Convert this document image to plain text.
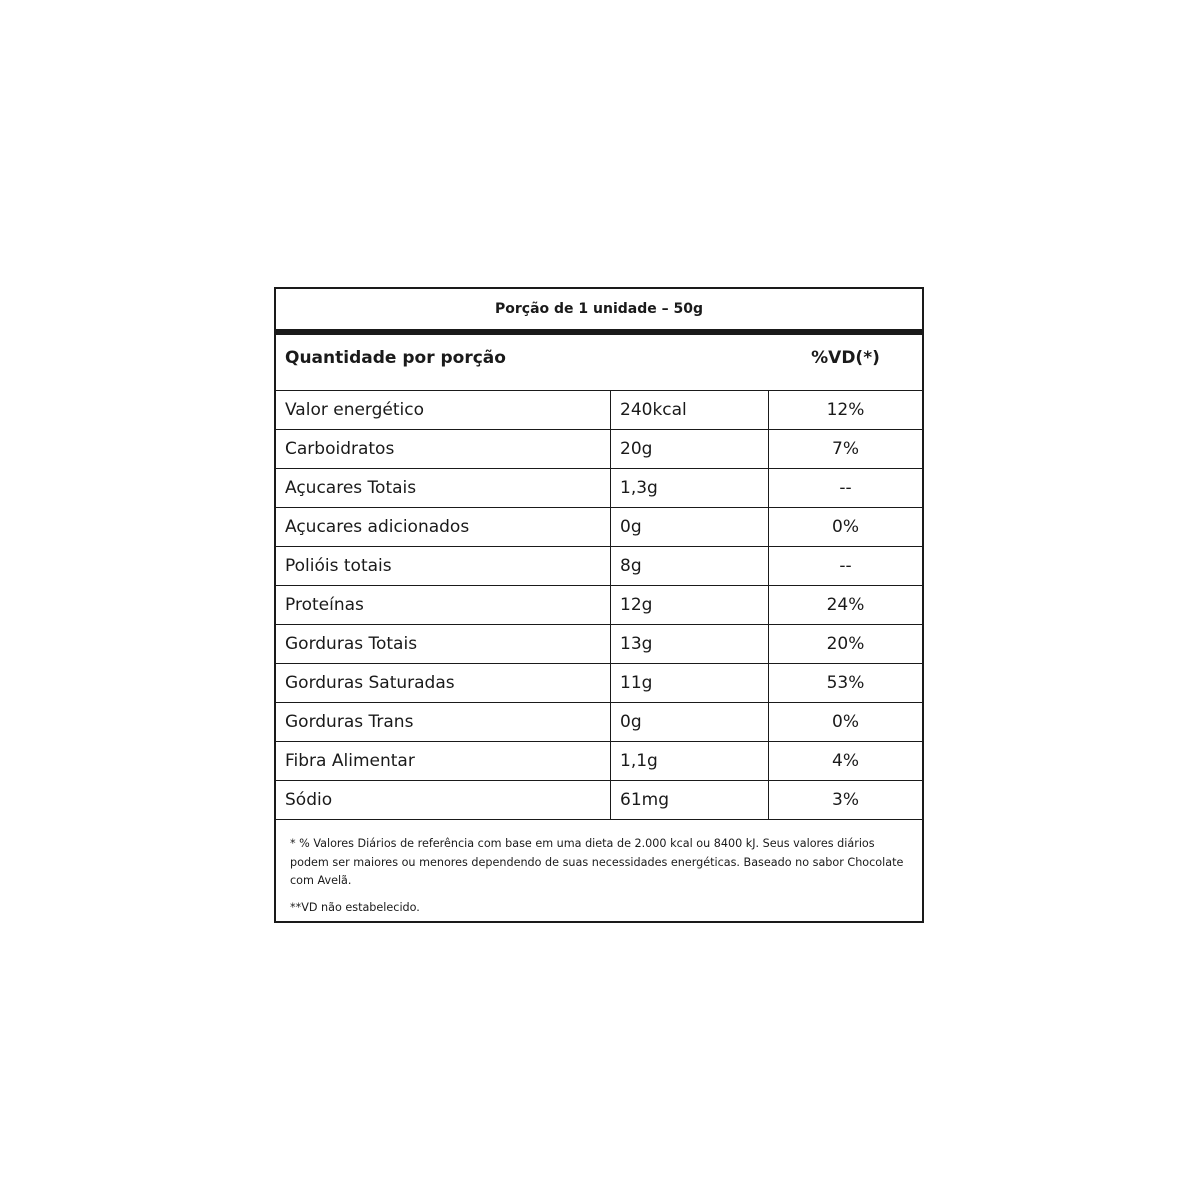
Porção de 1 unidade – 50g
Quantidade por porção	%VD(*)
Valor energético	240kcal	12%
Carboidratos	20g	7%
Açucares Totais	1,3g	--
Açucares adicionados	0g	0%
Polióis totais	8g	--
Proteínas	12g	24%
Gorduras Totais	13g	20%
Gorduras Saturadas	11g	53%
Gorduras Trans	0g	0%
Fibra Alimentar	1,1g	4%
Sódio	61mg	3%

* % Valores Diários de referência com base em uma dieta de 2.000 kcal ou 8400 kJ. Seus valores diários podem ser maiores ou menores dependendo de suas necessidades energéticas. Baseado no sabor Chocolate com Avelã.

**VD não estabelecido.
